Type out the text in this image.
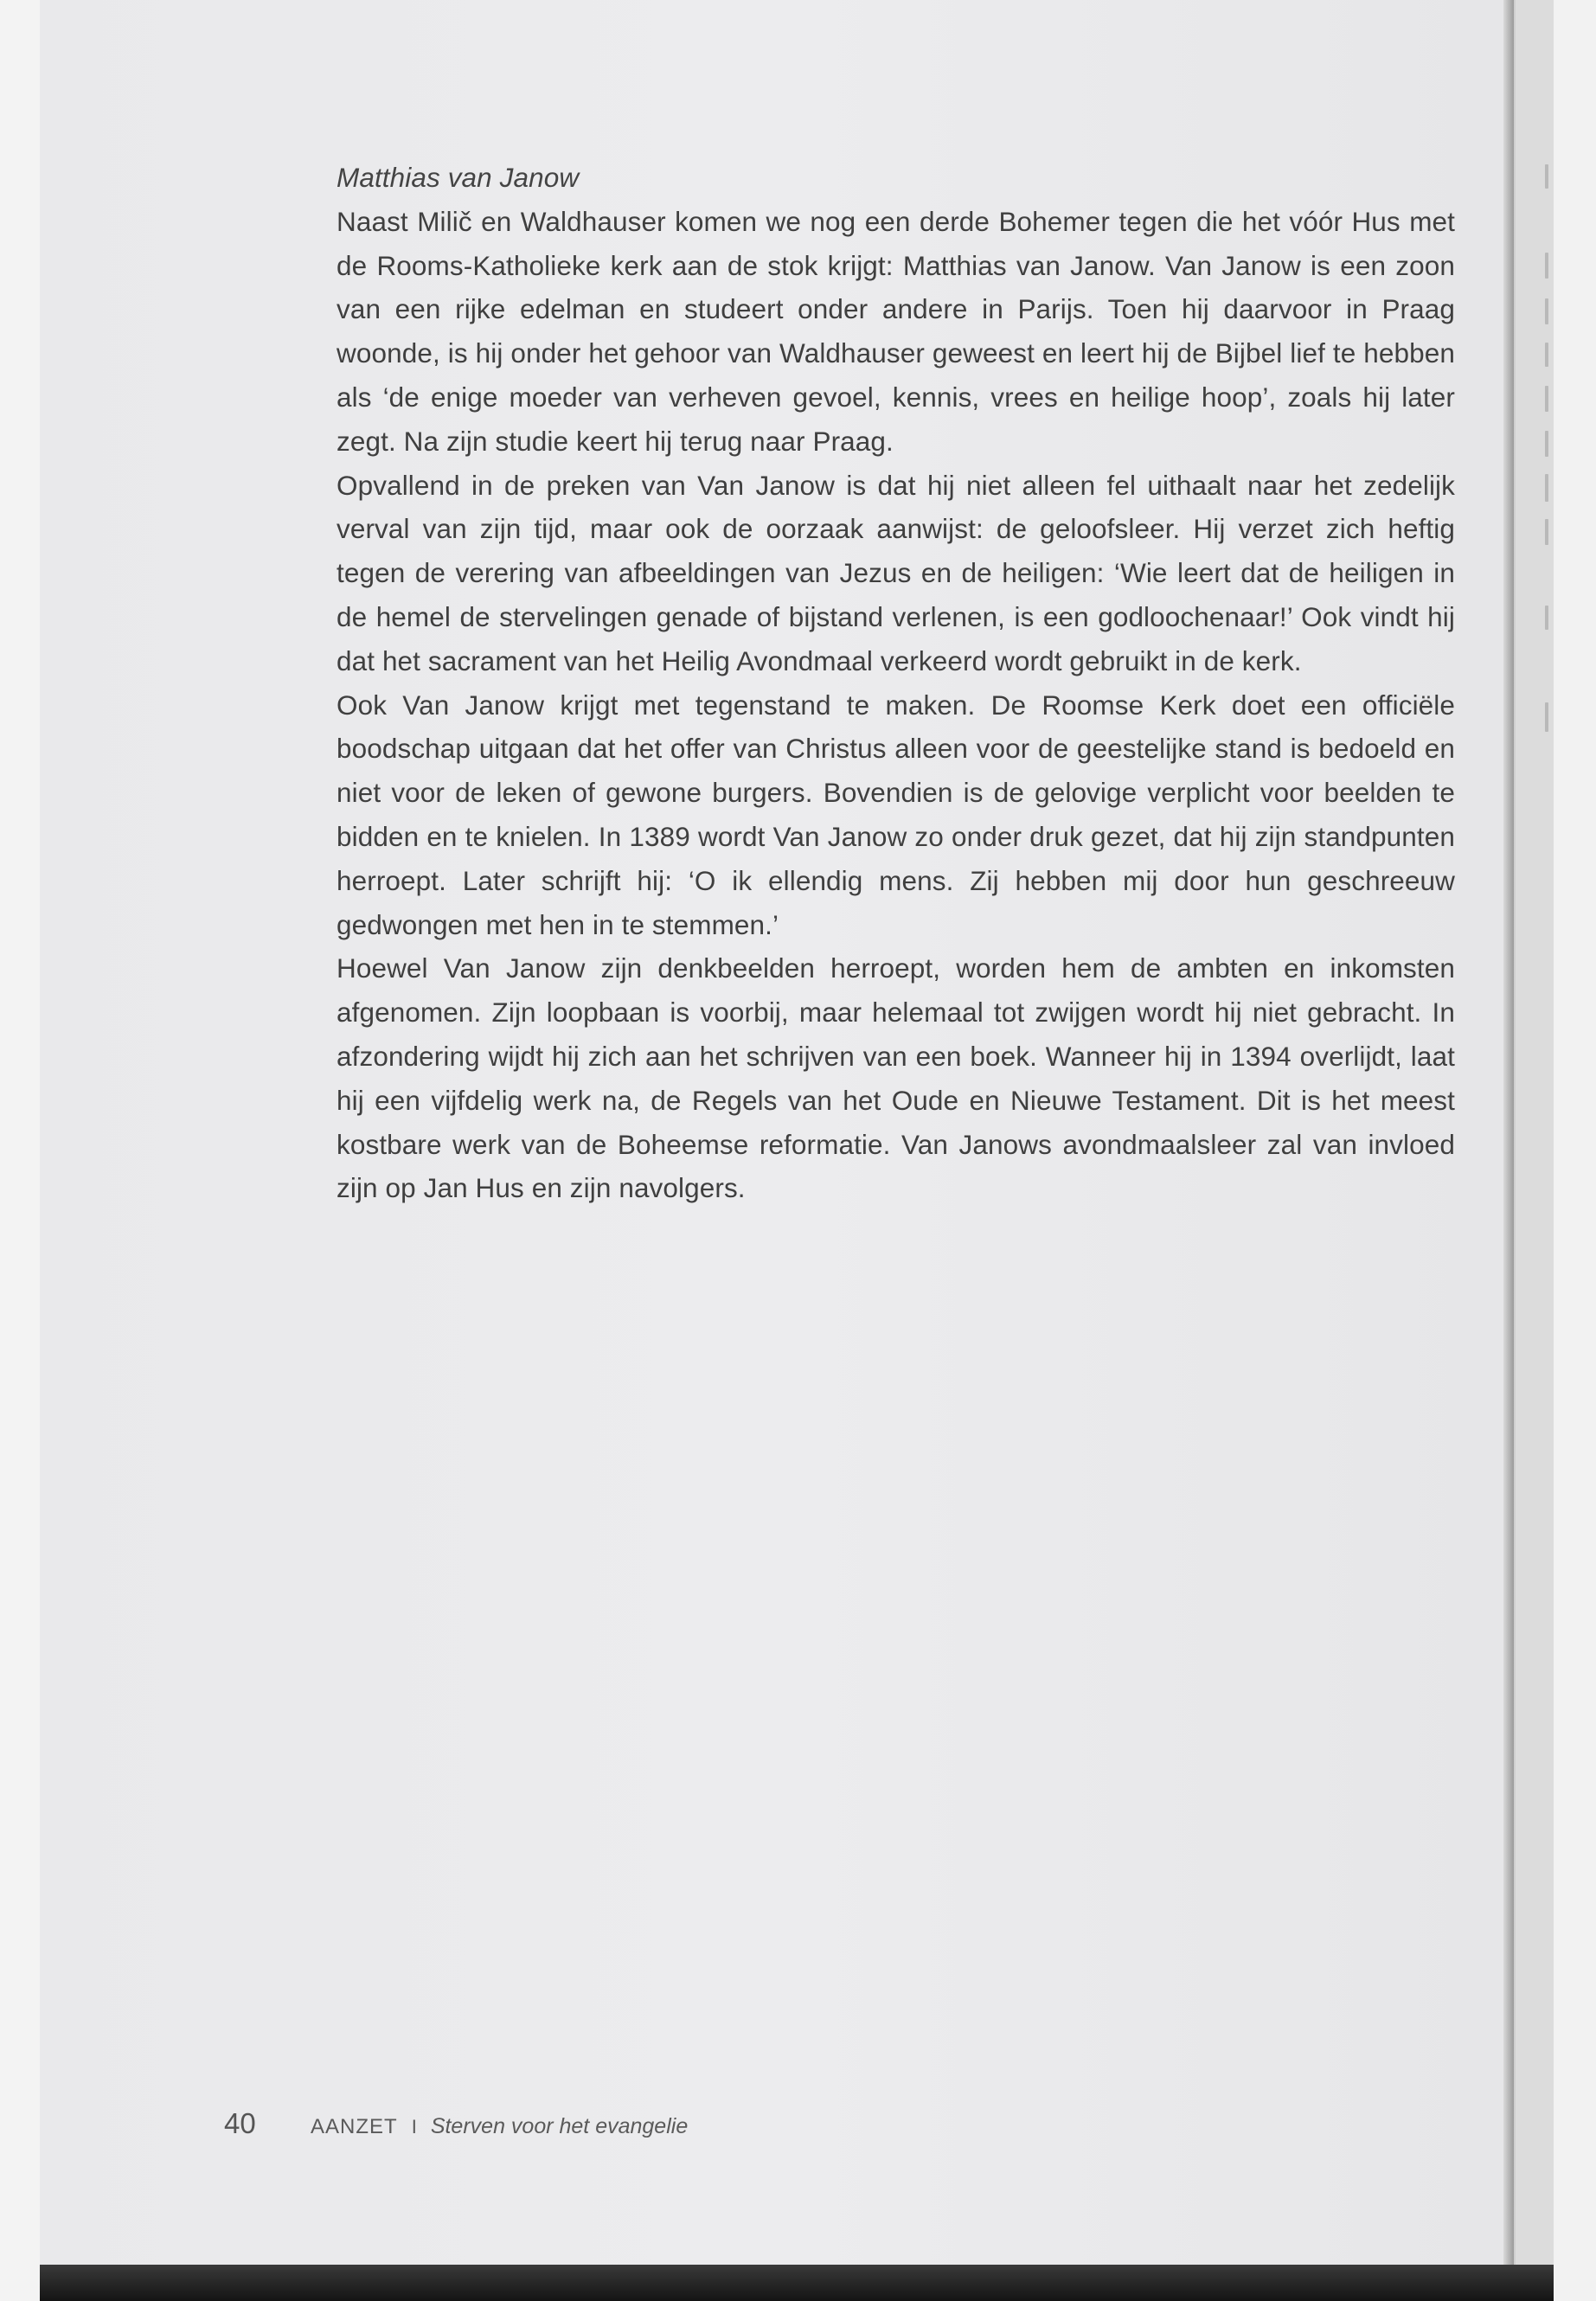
Matthias van Janow

Naast Milič en Waldhauser komen we nog een derde Bohemer tegen die het vóór Hus met de Rooms-Katholieke kerk aan de stok krijgt: Matthias van Janow. Van Janow is een zoon van een rijke edelman en studeert onder andere in Parijs. Toen hij daarvoor in Praag woonde, is hij onder het gehoor van Waldhauser geweest en leert hij de Bijbel lief te hebben als ‘de enige moeder van verheven gevoel, kennis, vrees en heilige hoop’, zoals hij later zegt. Na zijn studie keert hij terug naar Praag.

Opvallend in de preken van Van Janow is dat hij niet alleen fel uithaalt naar het zedelijk verval van zijn tijd, maar ook de oorzaak aanwijst: de geloofsleer. Hij verzet zich heftig tegen de verering van afbeeldingen van Jezus en de heiligen: ‘Wie leert dat de heiligen in de hemel de stervelingen genade of bijstand verlenen, is een godloochenaar!’ Ook vindt hij dat het sacrament van het Heilig Avondmaal verkeerd wordt gebruikt in de kerk.

Ook Van Janow krijgt met tegenstand te maken. De Roomse Kerk doet een officiële boodschap uitgaan dat het offer van Christus alleen voor de geestelijke stand is bedoeld en niet voor de leken of gewone burgers. Bovendien is de gelovige verplicht voor beelden te bidden en te knielen. In 1389 wordt Van Janow zo onder druk gezet, dat hij zijn standpunten herroept. Later schrijft hij: ‘O ik ellendig mens. Zij hebben mij door hun geschreeuw gedwongen met hen in te stemmen.’

Hoewel Van Janow zijn denkbeelden herroept, worden hem de ambten en inkomsten afgenomen. Zijn loopbaan is voorbij, maar helemaal tot zwijgen wordt hij niet gebracht. In afzondering wijdt hij zich aan het schrijven van een boek. Wanneer hij in 1394 overlijdt, laat hij een vijfdelig werk na, de Regels van het Oude en Nieuwe Testament. Dit is het meest kostbare werk van de Boheemse reformatie. Van Janows avondmaalsleer zal van invloed zijn op Jan Hus en zijn navolgers.

40	AANZET I Sterven voor het evangelie
